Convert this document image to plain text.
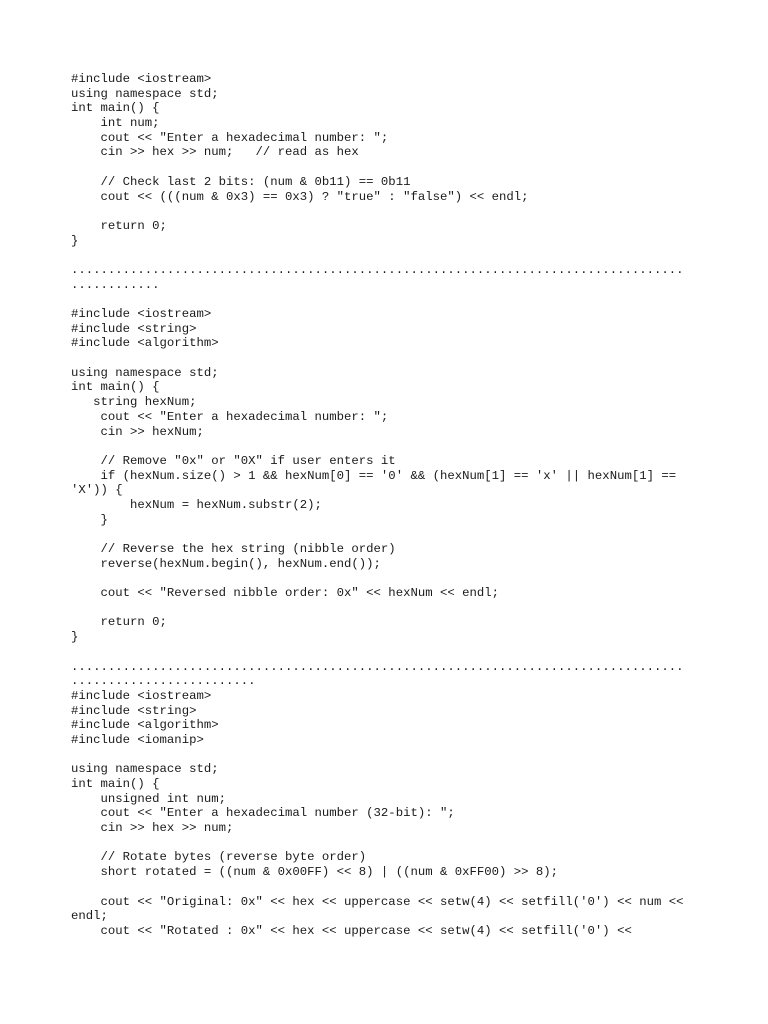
#include <iostream>
using namespace std;
int main() {
int num;
cout << "Enter a hexadecimal number: ";
cin >> hex >> num;   // read as hex
// Check last 2 bits: (num & 0b11) == 0b11
cout << (((num & 0x3) == 0x3) ? "true" : "false") << endl;
return 0;
}
...................................................................................
............
#include <iostream>
#include <string>
#include <algorithm>
using namespace std;
int main() {
string hexNum;
cout << "Enter a hexadecimal number: ";
cin >> hexNum;
// Remove "0x" or "0X" if user enters it
if (hexNum.size() > 1 && hexNum[0] == '0' && (hexNum[1] == 'x' || hexNum[1] ==
'X')) {
hexNum = hexNum.substr(2);
}
// Reverse the hex string (nibble order)
reverse(hexNum.begin(), hexNum.end());
cout << "Reversed nibble order: 0x" << hexNum << endl;
return 0;
}
...................................................................................
.........................
#include <iostream>
#include <string>
#include <algorithm>
#include <iomanip>
using namespace std;
int main() {
unsigned int num;
cout << "Enter a hexadecimal number (32-bit): ";
cin >> hex >> num;
// Rotate bytes (reverse byte order)
short rotated = ((num & 0x00FF) << 8) | ((num & 0xFF00) >> 8);
cout << "Original: 0x" << hex << uppercase << setw(4) << setfill('0') << num <<
endl;
cout << "Rotated : 0x" << hex << uppercase << setw(4) << setfill('0') <<
